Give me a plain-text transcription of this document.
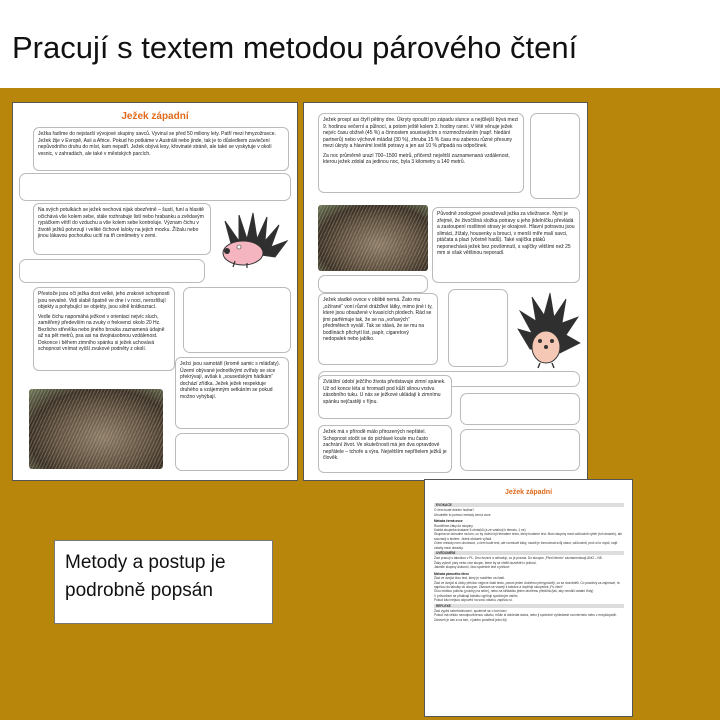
Pracují s textem metodou párového čtení
Ježek západní
Ježka řadíme do nejstarší vývojové skupiny savců. Vyvinul se před 50 miliony lety. Patří mezi hmyzožravce. Ježek žije v Evropě, Asii a Africe. Pokud ho potkáme v Austrálii nebo jinde, tak je to důsledkem zavlečení nepůvodního druhu do míst, kam nepatří. Ježek obývá lesy, křovinaté stráně, ale také se vyskytuje v okolí vesnic, v zahradách, ale také v městských parcích.
Na svých potulkách se ježek nechová nijak obezřetně – šustí, funí a hlasitě očichává vše kolem sebe, stále rozhrabuje listí nebo hrabanku a zvědavým rypáčkem větří do vzduchu a vše kolem sebe kontroluje. Význam čichu v životě ježků potvrzují i veliké čichové laloky na jejich mozku. Žížalu nebo jinou lákavou pochoutku ucítí na tři centimetry v zemi.
Přestože jsou oči ježka dost velké, jeho zrakové schopnosti jsou nevalné. Vidí slabě špatně ve dne i v noci, nerozlišují objekty a pohybující se objekty, jsou silně krátkozrací.
Vedle čichu napomáhá ježkovi v orientaci nejvíc sluch, zaměřený především na zvuky o frekvenci okolo 20 Hz. Bezlicho střevlíka nebo jiného brouka zaznamená údajně až na pět metrů, psa asi na dvojnásobnou vzdálenost. Dokonce i během zimního spánku si ježek uchovává schopnost vnímat vyšší zvukové podněty z okolí.
Ježci jsou samotáři (kromě samic s mláďaty). Území obývané jednotlivými zvířaty se sice překrývají, avšak k „sousedským hádkám“ dochází zřídka. Ježek ježek respektuje druhého a vzájemným setkáním se pokud možno vyhýbají.
Ježek prospí asi čtyři pětiny dne. Úkryty opouští po západu slunce a nejčilejší bývá mezi 9. hodinou večerní a půlnocí, a potom ještě kolem 3. hodiny ranní. V létě věnuje ježek nejvíc času obživě (45 %) a činnostem souvisejícím s rozmnožováním (např. hledání partnerů) nebo výchově mláďat (30 %), zhruba 15 % času mu zaberou různé přesuny mezi úkryty a hlavními lovišti potravy a jen asi 10 % připadá na odpočinek.
Za noc průměrně urazí 700–1500 metrů, přičemž největší zaznamenaná vzdálenost, kterou ježek zdolal za jedinou noc, byla 3 kilometry a 140 metrů.
Původně zoologové považovali ježka za všežravce. Nyní je zřejmé, že živočišná složka potravy u jeho jídelníčku převládá a zastoupení rostlinné stravy je okrajové. Hlavní potravou jsou slimáci, žížaly, housenky a brouci, v menší míře malí savci, ptáčata a plazi (včetně hadů). Také vajíčka ptáků neponechává ježek bez povšimnutí, s vajíčky většími než 25 mm si však většinou neporadí.
Ježek sladké ovoce v oblibě nemá. Žato mu „ožírané“ voní různé drážďivé látky, mimo jiné i ty, které jsou obsažené v kvasících plodech. Rád se jimi parfémuje tak, že se na „voňavých“ předmětech vyválí. Tak se stává, že se mu na bodlinách přichytí list, papír, cigaretový nedopalek nebo jablko.
Zvláštní údobí ježčího života představuje zimní spánek. Už od konce léta si hromadí pod kůží silnou vrstvu zásobního tuku. U nás se ježkové ukládají k zimnímu spánku nejčastěji v říjnu.
Ježek má v přírodě málo přirozených nepřátel. Schopnost stočit se do pichlavé koule mu často zachrání život. Ve skutečnosti má jen dva opravdové nepřátele – tchoře a výra. Největším nepřítelem ježků je člověk.
Ježek západní
EVOKACE
O čem bude dnešní hodina?
Uhodněte to pomocí metody černá ovce
Metoda černá ovce
Rozdělíme žáky do skupiny
Každá skupinka dostane 5 obrázků (a ze vztahují k tématu, 1 ne)
Skupina se dohodne na tom, co by mohlo být tématem textu, který budeme číst. Musí skupiny mezi odůvodnit výběr (tuf obrázek), ale souvisejí s textem. Ježek obrázek vyřadí.
Cílem metody není uhodnout, o čem bude text, ale rozmluvit žáky, naučit je formulovat svůj názor, odůvodnit, proč si to myslí, najít vztahy mezi obrázky.
UVĚDOMĚNÍ
Žáci pracují s tabulkou v PL. Dnu tvrzení a odhadují, co je pravda. Do sloupce „Před čtením“ zaznamenávají ANO – NE.
Žáky vytvoří páry nebo více skupin, které by se chtěli dozvědět o ježkovi.
Jakmile skupiny dokončí, čtou společně text o ježkovi
Metoda párového čtení
Žáci ve dvojici čtou text, který je rozdělen na části.
Žáci ve dvojici si úlohy přečtou nejprve části textu, potom jeden druhému převyprávějí, co se dozvěděli. Co pravdivý za zajímavé, hr. napíšou do tabulky do sloupce. Záznam se vracejí k tabulce a doplňují sloupeček „Po čtení“
Čtou midbou potichu (polohy) na sebe), nebo na střídačku jeden druhému předčítá (tak, aby nerušili ostatní třídy)
V průvodním se přidávají tabulku vyplňují společným úsilím.
Pokud žáci nejsou odpověď na svou otázku, zapíšou si.
REFLEXE
Žáci vyplní sebehodnocení, společně se o tom baví
Pokud má někdo nezodpovězenou otázku, může si dohledat doma, nebo ji společně vyhledáme na internetu nebo v encyklopedii. Zároveň je čas a na tom, v jakém prostředí ježci žijí.

Metody a postup je podrobně popsán
